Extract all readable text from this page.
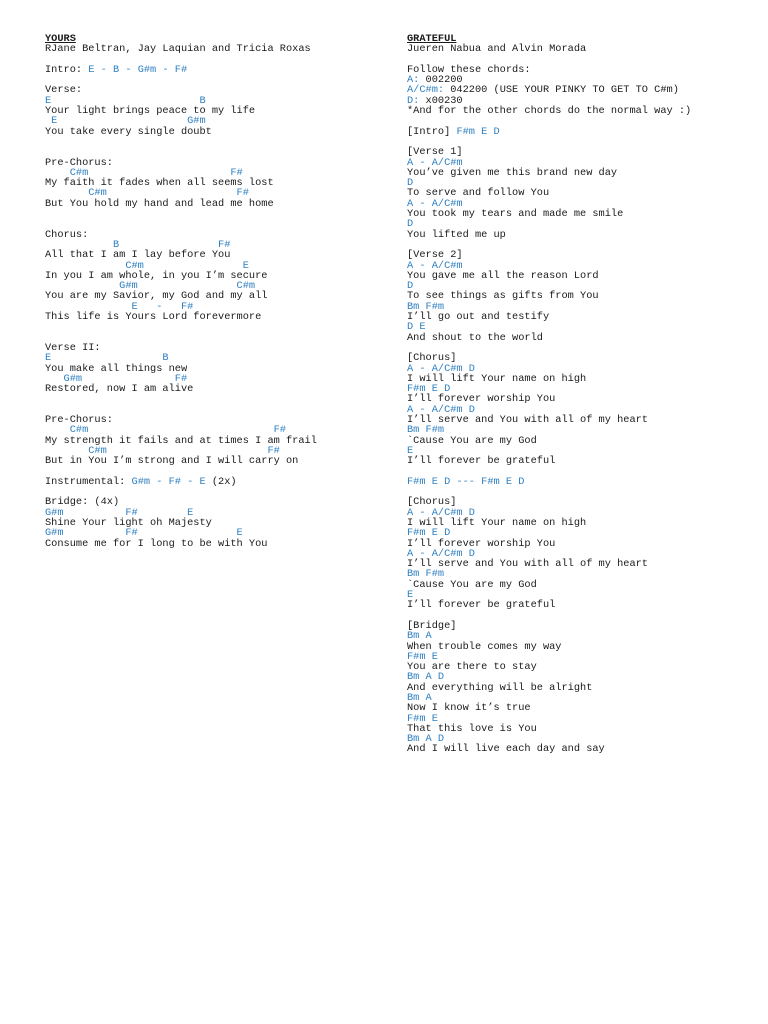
YOURS
RJane Beltran, Jay Laquian and Tricia Roxas
Intro: E - B - G#m - F#
Verse:
E                        B
Your light brings peace to my life
E                     G#m
You take every single doubt
Pre-Chorus:
C#m                       F#
My faith it fades when all seems lost
C#m                     F#
But You hold my hand and lead me home
Chorus:
B                F#
All that I am I lay before You
C#m                E
In you I am whole, in you I’m secure
G#m                C#m
You are my Savior, my God and my all
E   -   F#
This life is Yours Lord forevermore
Verse II:
E                  B
You make all things new
G#m               F#
Restored, now I am alive
Pre-Chorus:
C#m                              F#
My strength it fails and at times I am frail
C#m                          F#
But in You I’m strong and I will carry on
Instrumental: G#m - F# - E (2x)
Bridge: (4x)
G#m          F#        E
Shine Your light oh Majesty
G#m          F#                E
Consume me for I long to be with You
GRATEFUL
Jueren Nabua and Alvin Morada
Follow these chords:
A: 002200
A/C#m: 042200 (USE YOUR PINKY TO GET TO C#m)
D: x00230
*And for the other chords do the normal way :)
[Intro] F#m E D
[Verse 1]
A - A/C#m
You’ve given me this brand new day
D
To serve and follow You
A - A/C#m
You took my tears and made me smile
D
You lifted me up
[Verse 2]
A - A/C#m
You gave me all the reason Lord
D
To see things as gifts from You
Bm F#m
I’ll go out and testify
D E
And shout to the world
[Chorus]
A - A/C#m D
I will lift Your name on high
F#m E D
I’ll forever worship You
A - A/C#m D
I’ll serve and You with all of my heart
Bm F#m
`Cause You are my God
E
I’ll forever be grateful
F#m E D --- F#m E D
[Chorus]
A - A/C#m D
I will lift Your name on high
F#m E D
I’ll forever worship You
A - A/C#m D
I’ll serve and You with all of my heart
Bm F#m
`Cause You are my God
E
I’ll forever be grateful
[Bridge]
Bm A
When trouble comes my way
F#m E
You are there to stay
Bm A D
And everything will be alright
Bm A
Now I know it’s true
F#m E
That this love is You
Bm A D
And I will live each day and say
